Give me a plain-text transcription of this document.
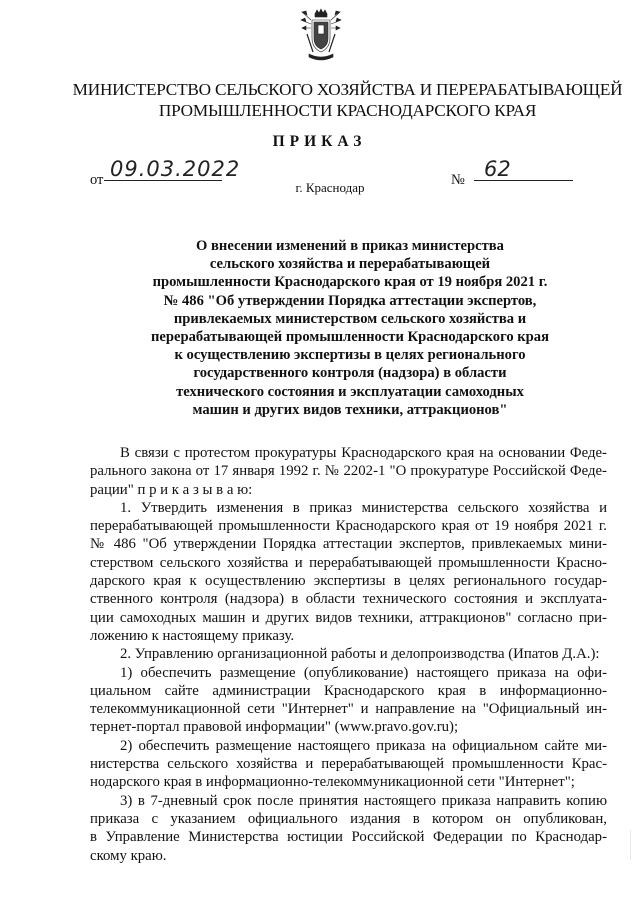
МИНИСТЕРСТВО СЕЛЬСКОГО ХОЗЯЙСТВА И ПЕРЕРАБАТЫВАЮЩЕЙ
ПРОМЫШЛЕННОСТИ КРАСНОДАРСКОГО КРАЯ
ПРИКАЗ
от 09.03.2022	№ 62
г. Краснодар
О внесении изменений в приказ министерства
сельского хозяйства и перерабатывающей
промышленности Краснодарского края от 19 ноября 2021 г.
№ 486 "Об утверждении Порядка аттестации экспертов,
привлекаемых министерством сельского хозяйства и
перерабатывающей промышленности Краснодарского края
к осуществлению экспертизы в целях регионального
государственного контроля (надзора) в области
технического состояния и эксплуатации самоходных
машин и других видов техники, аттракционов"
В связи с протестом прокуратуры Краснодарского края на основании Феде-
рального закона от 17 января 1992 г. № 2202-1 "О прокуратуре Российской Феде-
рации" п р и к а з ы в а ю:
1. Утвердить изменения в приказ министерства сельского хозяйства и
перерабатывающей промышленности Краснодарского края от 19 ноября 2021 г.
№ 486 "Об утверждении Порядка аттестации экспертов, привлекаемых мини-
стерством сельского хозяйства и перерабатывающей промышленности Красно-
дарского края к осуществлению экспертизы в целях регионального государ-
ственного контроля (надзора) в области технического состояния и эксплуата-
ции самоходных машин и других видов техники, аттракционов" согласно при-
ложению к настоящему приказу.
2. Управлению организационной работы и делопроизводства (Ипатов Д.А.):
1) обеспечить размещение (опубликование) настоящего приказа на офи-
циальном сайте администрации Краснодарского края в информационно-
телекоммуникационной сети "Интернет" и направление на "Официальный ин-
тернет-портал правовой информации" (www.pravo.gov.ru);
2) обеспечить размещение настоящего приказа на официальном сайте ми-
нистерства сельского хозяйства и перерабатывающей промышленности Крас-
нодарского края в информационно-телекоммуникационной сети "Интернет";
3) в 7-дневный срок после принятия настоящего приказа направить копию
приказа с указанием официального издания в котором он опубликован,
в Управление Министерства юстиции Российской Федерации по Краснодар-
скому краю.
